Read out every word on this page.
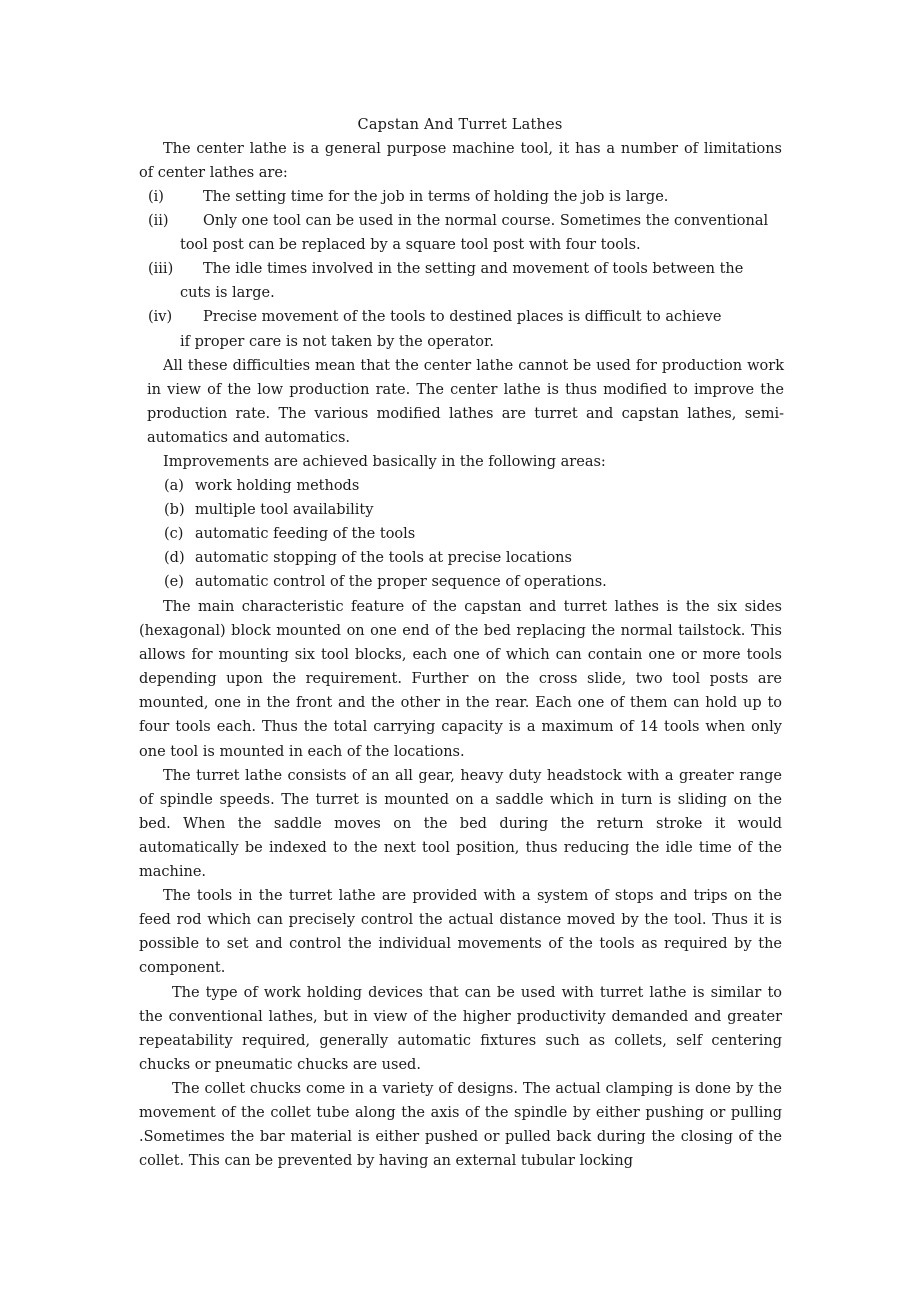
Capstan And Turret Lathes

The center lathe is a general purpose machine tool, it has a number of limitations of center lathes are:

(i)	The setting time for the job in terms of holding the job is large.
(ii)	Only one tool can be used in the normal course. Sometimes the conventional
tool post can be replaced by a square tool post with four tools.
(iii)	The idle times involved in the setting and movement of tools between the
cuts is large.
(iv)	Precise movement of the tools to destined places is difficult to achieve
if proper care is not taken by the operator.

All these difficulties mean that the center lathe cannot be used for production work in view of the low production rate. The center lathe is thus modified to improve the production rate. The various modified lathes are turret and capstan lathes, semi-automatics and automatics.

Improvements are achieved basically in the following areas:
(a) work holding methods
(b) multiple tool availability
(c) automatic feeding of the tools
(d) automatic stopping of the tools at precise locations
(e) automatic control of the proper sequence of operations.

The main characteristic feature of the capstan and turret lathes is the six sides (hexagonal) block mounted on one end of the bed replacing the normal tailstock. This allows for mounting six tool blocks, each one of which can contain one or more tools depending upon the requirement. Further on the cross slide, two tool posts are mounted, one in the front and the other in the rear. Each one of them can hold up to four tools each. Thus the total carrying capacity is a maximum of 14 tools when only one tool is mounted in each of the locations.

The turret lathe consists of an all gear, heavy duty headstock with a greater range of spindle speeds. The turret is mounted on a saddle which in turn is sliding on the bed. When the saddle moves on the bed during the return stroke it would automatically be indexed to the next tool position, thus reducing the idle time of the machine.

The tools in the turret lathe are provided with a system of stops and trips on the feed rod which can precisely control the actual distance moved by the tool. Thus it is possible to set and control the individual movements of the tools as required by the component.

The type of work holding devices that can be used with turret lathe is similar to the conventional lathes, but in view of the higher productivity demanded and greater repeatability required, generally automatic fixtures such as collets, self centering chucks or pneumatic chucks are used.

The collet chucks come in a variety of designs. The actual clamping is done by the movement of the collet tube along the axis of the spindle by either pushing or pulling .Sometimes the bar material is either pushed or pulled back during the closing of the collet. This can be prevented by having an external tubular locking
